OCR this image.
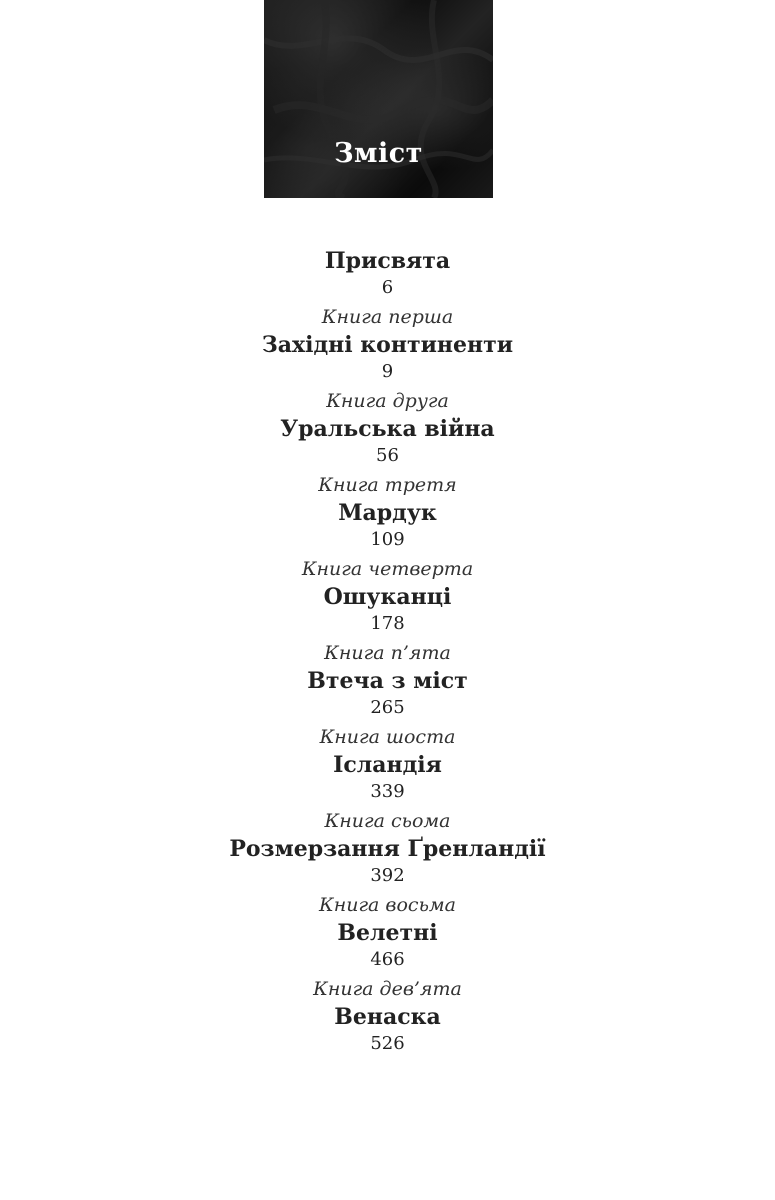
Зміст
Присвята
6
Книга перша
Західні континенти
9
Книга друга
Уральська війна
56
Книга третя
Мардук
109
Книга четверта
Ошуканці
178
Книга п’ята
Втеча з міст
265
Книга шоста
Ісландія
339
Книга сьома
Розмерзання Ґренландії
392
Книга восьма
Велетні
466
Книга дев’ята
Венаска
526
